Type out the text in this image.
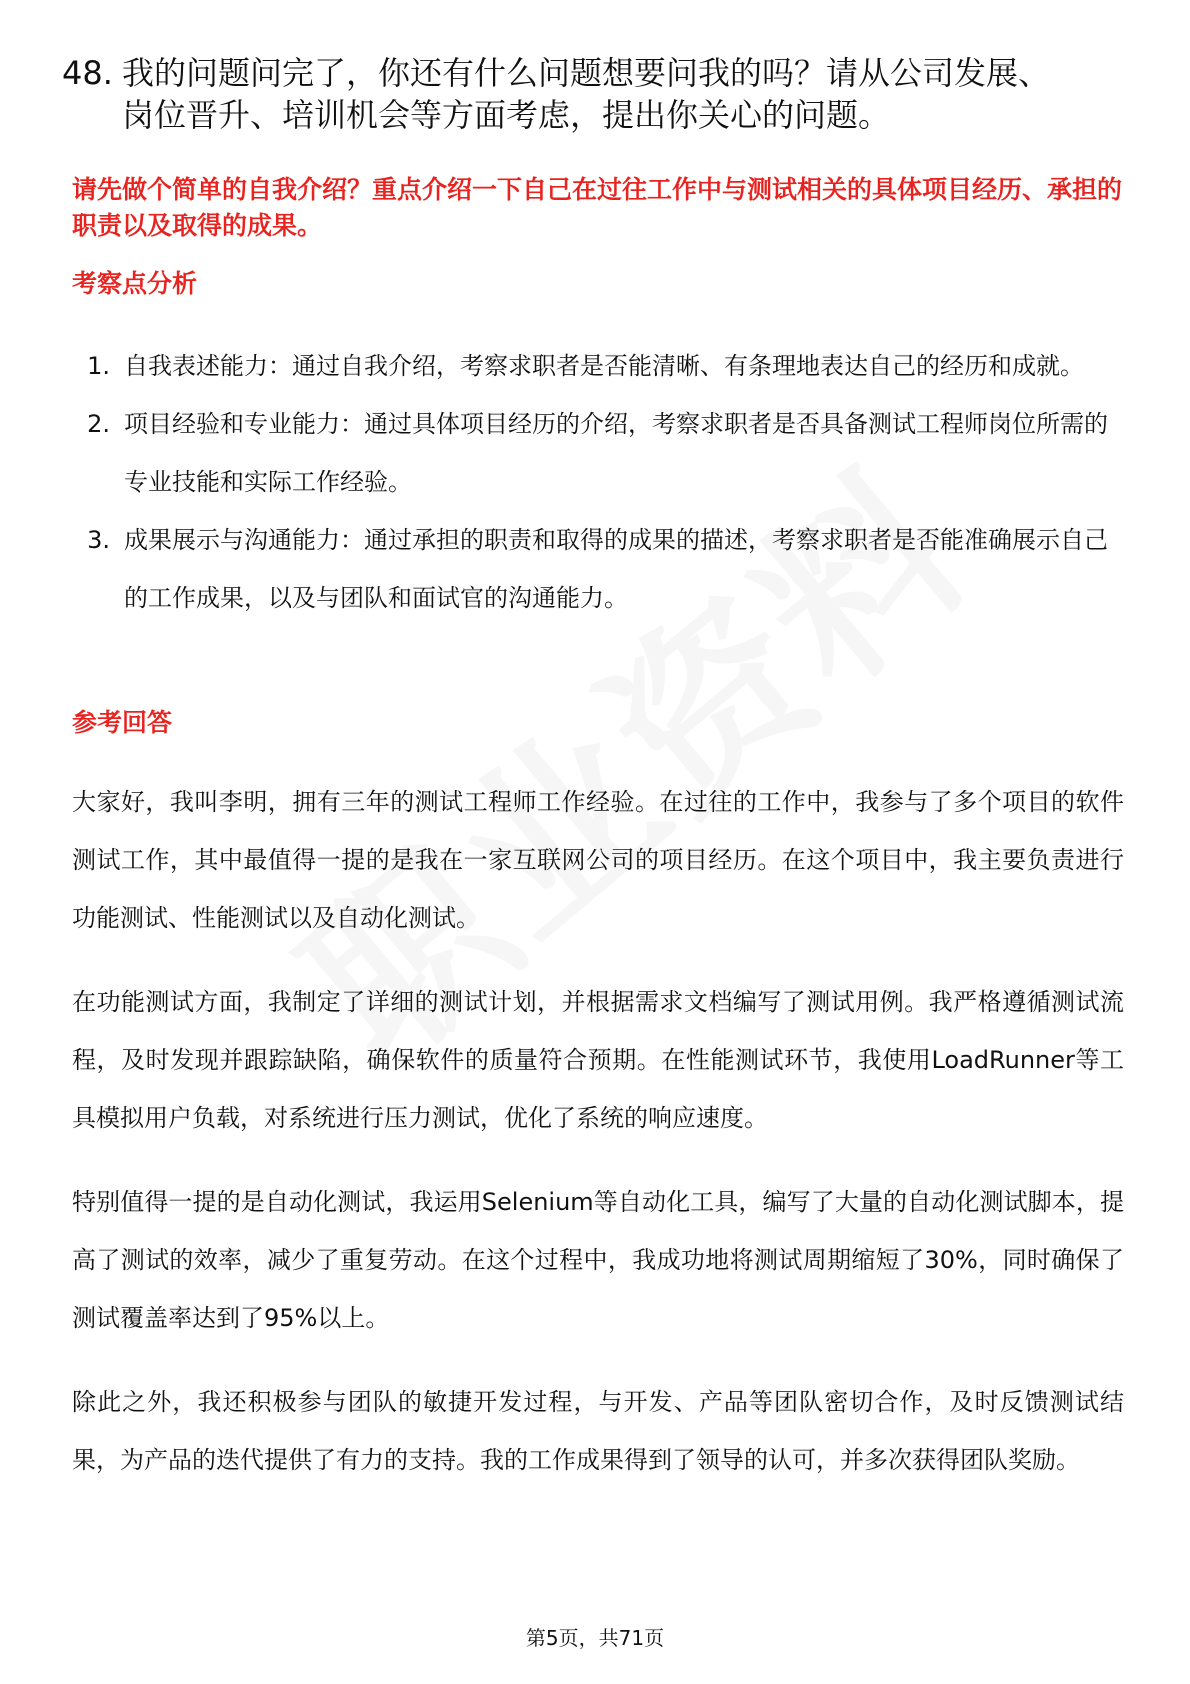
48. 我的问题问完了，你还有什么问题想要问我的吗？请从公司发展、岗位晋升、培训机会等方面考虑，提出你关心的问题。
请先做个简单的自我介绍？重点介绍一下自己在过往工作中与测试相关的具体项目经历、承担的职责以及取得的成果。
考察点分析
1. 自我表述能力：通过自我介绍，考察求职者是否能清晰、有条理地表达自己的经历和成就。
2. 项目经验和专业能力：通过具体项目经历的介绍，考察求职者是否具备测试工程师岗位所需的专业技能和实际工作经验。
3. 成果展示与沟通能力：通过承担的职责和取得的成果的描述，考察求职者是否能准确展示自己的工作成果，以及与团队和面试官的沟通能力。
参考回答

大家好，我叫李明，拥有三年的测试工程师工作经验。在过往的工作中，我参与了多个项目的软件测试工作，其中最值得一提的是我在一家互联网公司的项目经历。在这个项目中，我主要负责进行功能测试、性能测试以及自动化测试。

在功能测试方面，我制定了详细的测试计划，并根据需求文档编写了测试用例。我严格遵循测试流程，及时发现并跟踪缺陷，确保软件的质量符合预期。在性能测试环节，我使用LoadRunner等工具模拟用户负载，对系统进行压力测试，优化了系统的响应速度。

特别值得一提的是自动化测试，我运用Selenium等自动化工具，编写了大量的自动化测试脚本，提高了测试的效率，减少了重复劳动。在这个过程中，我成功地将测试周期缩短了30%，同时确保了测试覆盖率达到了95%以上。

除此之外，我还积极参与团队的敏捷开发过程，与开发、产品等团队密切合作，及时反馈测试结果，为产品的迭代提供了有力的支持。我的工作成果得到了领导的认可，并多次获得团队奖励。

第5页，共71页
